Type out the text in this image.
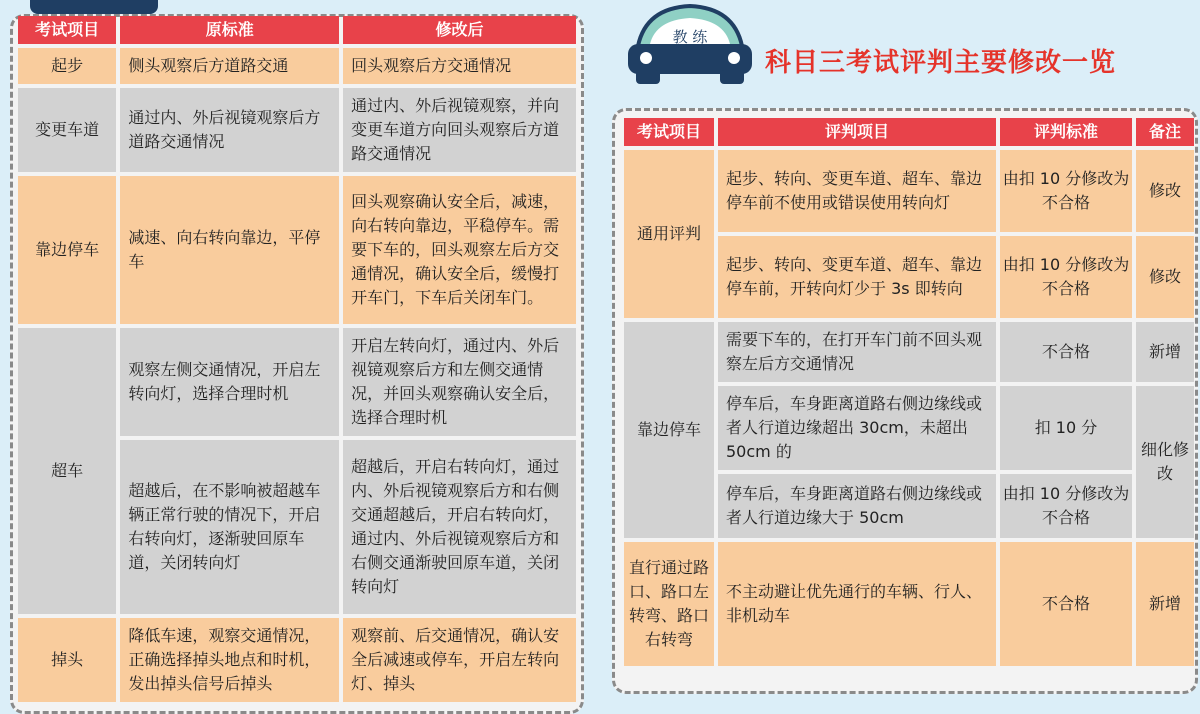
考试项目	原标准	修改后
起步	侧头观察后方道路交通	回头观察后方交通情况
变更车道	通过内、外后视镜观察后方道路交通情况	通过内、外后视镜观察，并向变更车道方向回头观察后方道路交通情况
靠边停车	减速、向右转向靠边，平停车	回头观察确认安全后，减速，向右转向靠边，平稳停车。需要下车的，回头观察左后方交通情况，确认安全后，缓慢打开车门，下车后关闭车门。
超车	观察左侧交通情况，开启左转向灯，选择合理时机	开启左转向灯，通过内、外后视镜观察后方和左侧交通情况，并回头观察确认安全后，选择合理时机
	超越后，在不影响被超越车辆正常行驶的情况下，开启右转向灯，逐渐驶回原车道，关闭转向灯	超越后，开启右转向灯，通过内、外后视镜观察后方和右侧交通超越后，开启右转向灯，通过内、外后视镜观察后方和右侧交通渐驶回原车道，关闭转向灯
掉头	降低车速，观察交通情况，正确选择掉头地点和时机，发出掉头信号后掉头	观察前、后交通情况，确认安全后减速或停车，开启左转向灯、掉头
教 练
科目三考试评判主要修改一览
考试项目	评判项目	评判标准	备注
通用评判	起步、转向、变更车道、超车、靠边停车前不使用或错误使用转向灯	由扣 10 分修改为不合格	修改
	起步、转向、变更车道、超车、靠边停车前，开转向灯少于 3s 即转向	由扣 10 分修改为不合格	修改
靠边停车	需要下车的，在打开车门前不回头观察左后方交通情况	不合格	新增
	停车后，车身距离道路右侧边缘线或者人行道边缘超出 30cm，未超出 50cm 的	扣 10 分	细化修改
	停车后，车身距离道路右侧边缘线或者人行道边缘大于 50cm	由扣 10 分修改为不合格	
直行通过路口、路口左转弯、路口右转弯	不主动避让优先通行的车辆、行人、非机动车	不合格	新增
